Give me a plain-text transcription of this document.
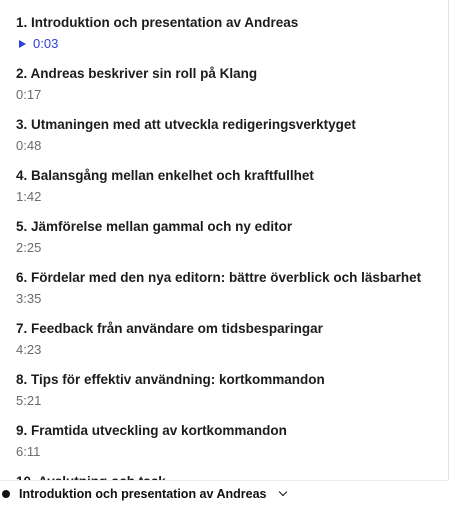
1. Introduktion och presentation av Andreas
0:03
2. Andreas beskriver sin roll på Klang
0:17
3. Utmaningen med att utveckla redigeringsverktyget
0:48
4. Balansgång mellan enkelhet och kraftfullhet
1:42
5. Jämförelse mellan gammal och ny editor
2:25
6. Fördelar med den nya editorn: bättre överblick och läsbarhet
3:35
7. Feedback från användare om tidsbesparingar
4:23
8. Tips för effektiv användning: kortkommandon
5:21
9. Framtida utveckling av kortkommandon
6:11
Introduktion och presentation av Andreas
